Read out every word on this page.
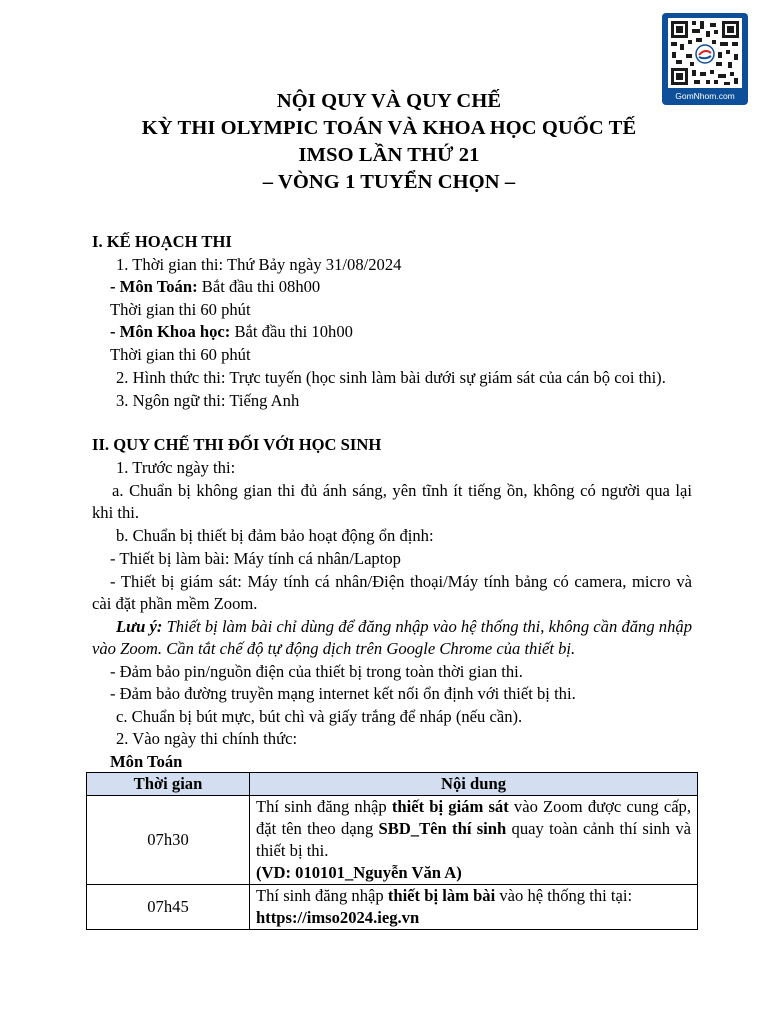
GomNhom.com
NỘI QUY VÀ QUY CHẾ
KỲ THI OLYMPIC TOÁN VÀ KHOA HỌC QUỐC TẾ
IMSO LẦN THỨ 21
– VÒNG 1 TUYỂN CHỌN –
I. KẾ HOẠCH THI
1. Thời gian thi: Thứ Bảy ngày 31/08/2024
- Môn Toán: Bắt đầu thi 08h00
Thời gian thi 60 phút
- Môn Khoa học: Bắt đầu thi 10h00
Thời gian thi 60 phút
2. Hình thức thi: Trực tuyến (học sinh làm bài dưới sự giám sát của cán bộ coi thi).
3. Ngôn ngữ thi: Tiếng Anh
II. QUY CHẾ THI ĐỐI VỚI HỌC SINH
1. Trước ngày thi:
a. Chuẩn bị không gian thi đủ ánh sáng, yên tĩnh ít tiếng ồn, không có người qua lại khi thi.
b. Chuẩn bị thiết bị đảm bảo hoạt động ổn định:
- Thiết bị làm bài: Máy tính cá nhân/Laptop
- Thiết bị giám sát: Máy tính cá nhân/Điện thoại/Máy tính bảng có camera, micro và cài đặt phần mềm Zoom.
Lưu ý: Thiết bị làm bài chỉ dùng để đăng nhập vào hệ thống thi, không cần đăng nhập vào Zoom. Cần tắt chế độ tự động dịch trên Google Chrome của thiết bị.
- Đảm bảo pin/nguồn điện của thiết bị trong toàn thời gian thi.
- Đảm bảo đường truyền mạng internet kết nối ổn định với thiết bị thi.
c. Chuẩn bị bút mực, bút chì và giấy trắng để nháp (nếu cần).
2. Vào ngày thi chính thức:
Môn Toán
Thời gian	Nội dung
07h30	Thí sinh đăng nhập thiết bị giám sát vào Zoom được cung cấp, đặt tên theo dạng SBD_Tên thí sinh quay toàn cảnh thí sinh và thiết bị thi.
(VD: 010101_Nguyễn Văn A)
07h45	Thí sinh đăng nhập thiết bị làm bài vào hệ thống thi tại:
https://imso2024.ieg.vn
